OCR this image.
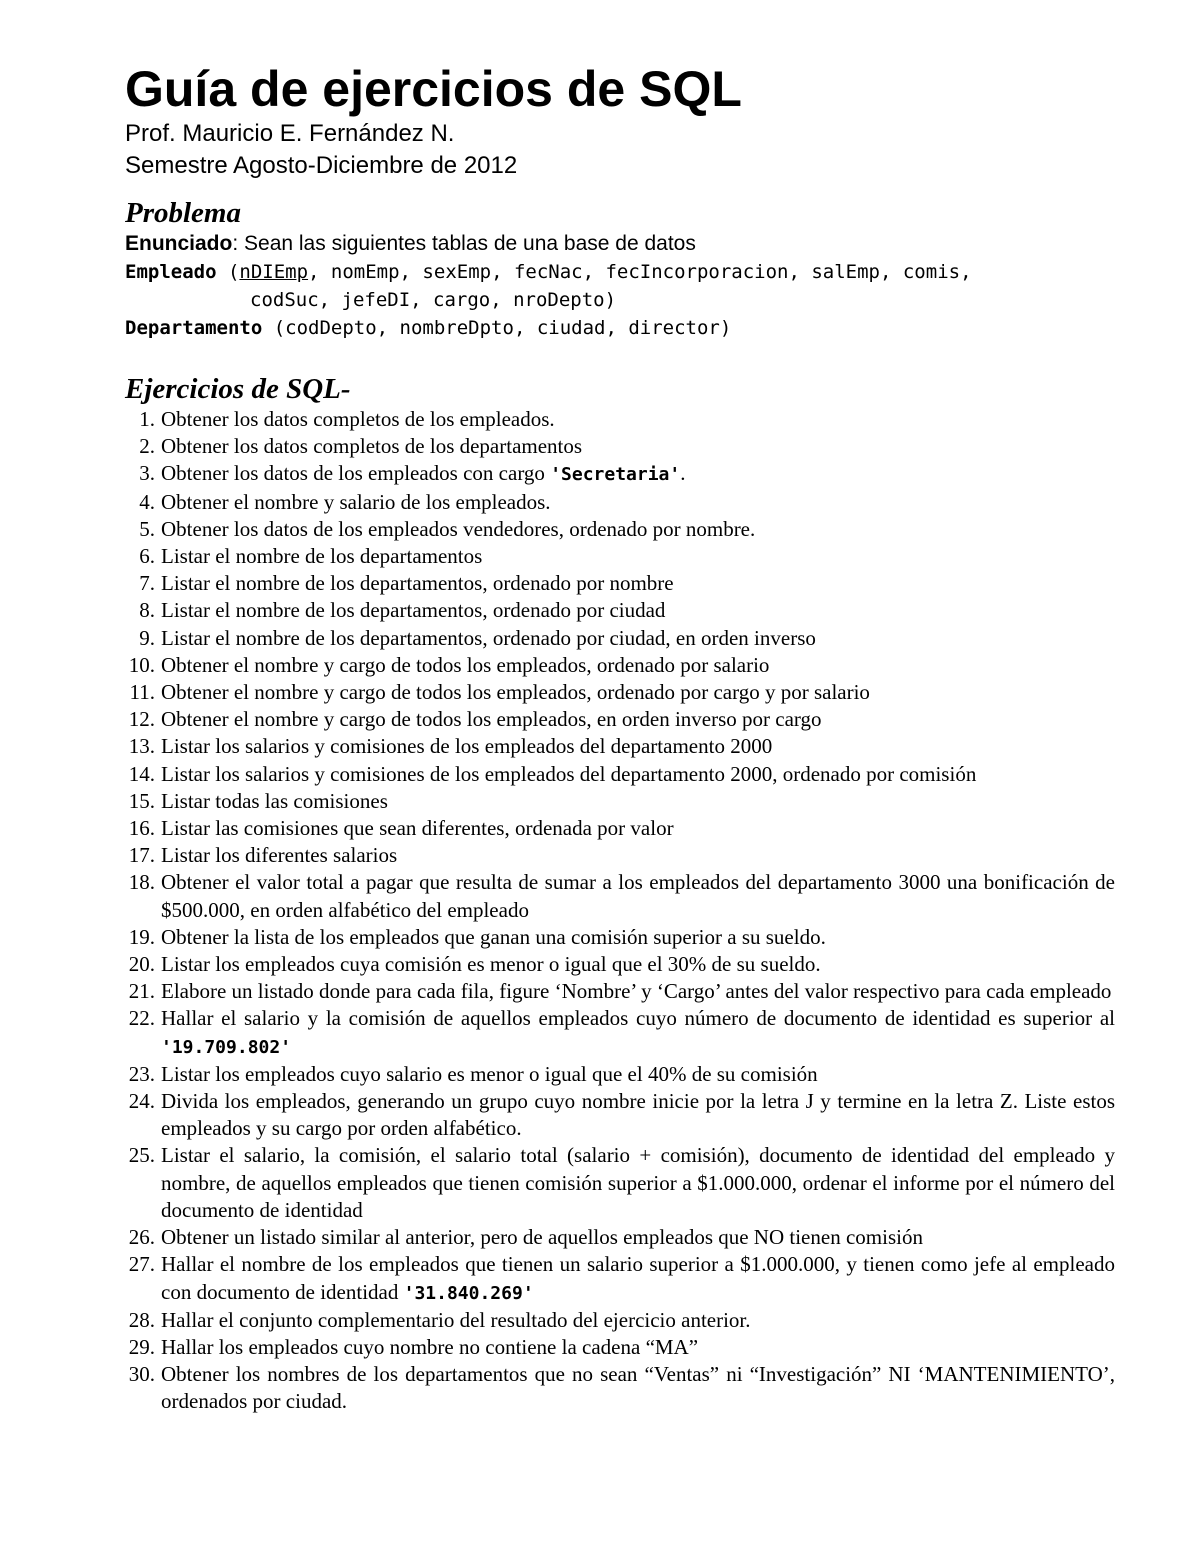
Guía de ejercicios de SQL

Prof. Mauricio E. Fernández N.

Semestre Agosto-Diciembre de 2012

Problema

Enunciado: Sean las siguientes tablas de una base de datos

Empleado (nDIEmp, nomEmp, sexEmp, fecNac, fecIncorporacion, salEmp, comis,

codSuc, jefeDI, cargo, nroDepto)

Departamento (codDepto, nombreDpto, ciudad, director)

Ejercicios de SQL-
1. Obtener los datos completos de los empleados.
2. Obtener los datos completos de los departamentos
3. Obtener los datos de los empleados con cargo 'Secretaria'.
4. Obtener el nombre y salario de los empleados.
5. Obtener los datos de los empleados vendedores, ordenado por nombre.
6. Listar el nombre de los departamentos
7. Listar el nombre de los departamentos, ordenado por nombre
8. Listar el nombre de los departamentos, ordenado por ciudad
9. Listar el nombre de los departamentos, ordenado por ciudad, en orden inverso
10. Obtener el nombre y cargo de todos los empleados, ordenado por salario
11. Obtener el nombre y cargo de todos los empleados, ordenado por cargo y por salario
12. Obtener el nombre y cargo de todos los empleados, en orden inverso por cargo
13. Listar los salarios y comisiones de los empleados del departamento 2000
14. Listar los salarios y comisiones de los empleados del departamento 2000, ordenado por comisión
15. Listar todas las comisiones
16. Listar las comisiones que sean diferentes, ordenada por valor
17. Listar los diferentes salarios
18. Obtener el valor total a pagar que resulta de sumar a los empleados del departamento 3000 una bonificación de $500.000, en orden alfabético del empleado
19. Obtener la lista de los empleados que ganan una comisión superior a su sueldo.
20. Listar los empleados cuya comisión es menor o igual que el 30% de su sueldo.
21. Elabore un listado donde para cada fila, figure ‘Nombre’ y ‘Cargo’ antes del valor respectivo para cada empleado
22. Hallar el salario y la comisión de aquellos empleados cuyo número de documento de identidad es superior al '19.709.802'
23. Listar los empleados cuyo salario es menor o igual que el 40% de su comisión
24. Divida los empleados, generando un grupo cuyo nombre inicie por la letra J y termine en la letra Z. Liste estos empleados y su cargo por orden alfabético.
25. Listar el salario, la comisión, el salario total (salario + comisión), documento de identidad del empleado y nombre, de aquellos empleados que tienen comisión superior a $1.000.000, ordenar el informe por el número del documento de identidad
26. Obtener un listado similar al anterior, pero de aquellos empleados que NO tienen comisión
27. Hallar el nombre de los empleados que tienen un salario superior a $1.000.000, y tienen como jefe al empleado con documento de identidad '31.840.269'
28. Hallar el conjunto complementario del resultado del ejercicio anterior.
29. Hallar los empleados cuyo nombre no contiene la cadena “MA”
30. Obtener los nombres de los departamentos que no sean “Ventas” ni “Investigación” NI ‘MANTENIMIENTO’, ordenados por ciudad.
